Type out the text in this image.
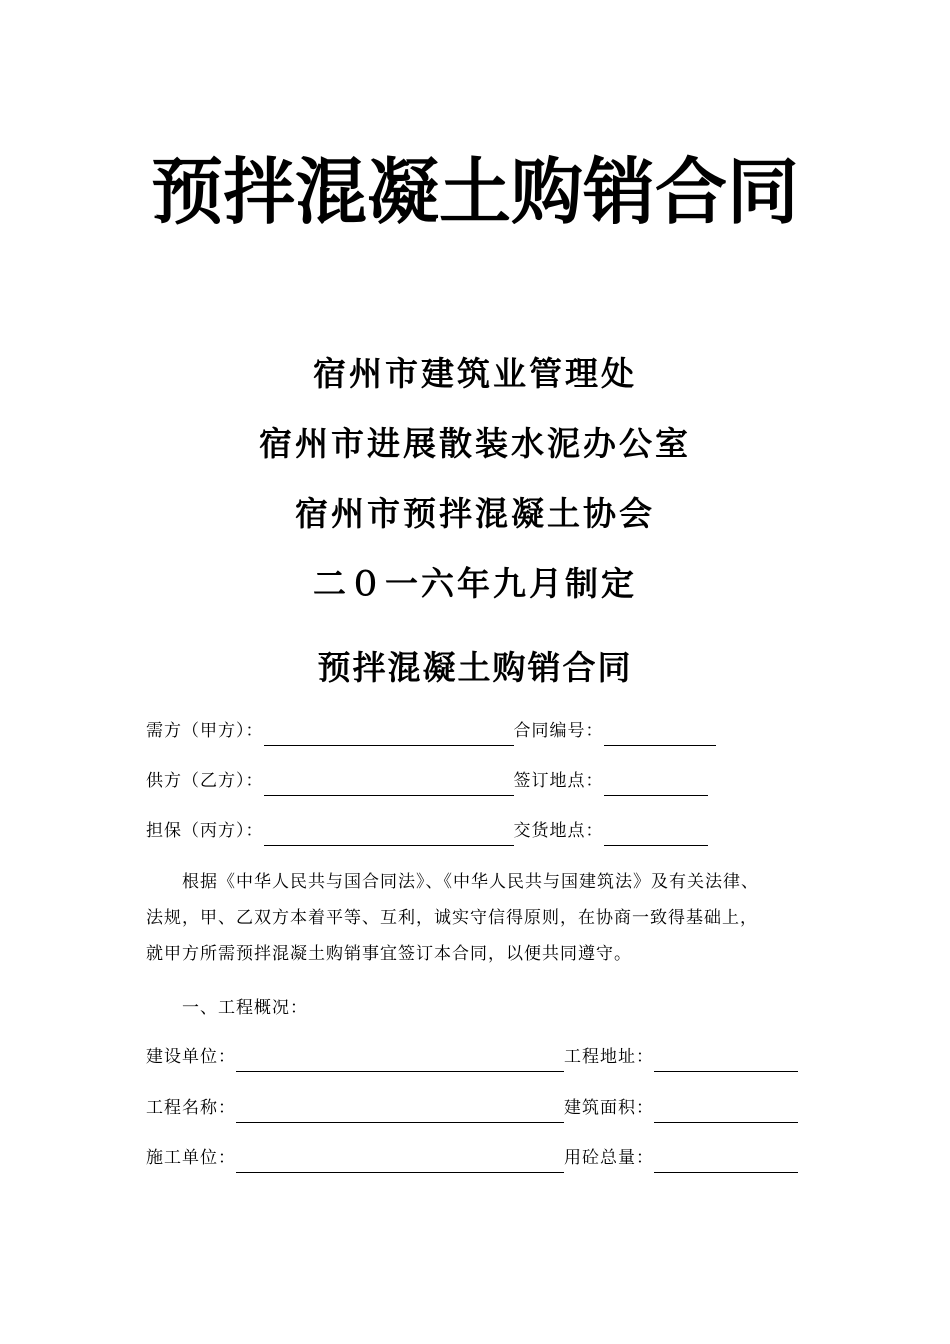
预拌混凝土购销合同
宿州市建筑业管理处
宿州市进展散装水泥办公室
宿州市预拌混凝土协会
二０一六年九月制定
预拌混凝土购销合同
需方（甲方）：	合同编号：
供方（乙方）：	签订地点：
担保（丙方）：	交货地点：

根据《中华人民共与国合同法》、《中华人民共与国建筑法》及有关法律、

法规，甲、乙双方本着平等、互利，诚实守信得原则，在协商一致得基础上，

就甲方所需预拌混凝土购销事宜签订本合同，以便共同遵守。

一、工程概况：
建设单位：	工程地址：
工程名称：	建筑面积：
施工单位：	用砼总量：
